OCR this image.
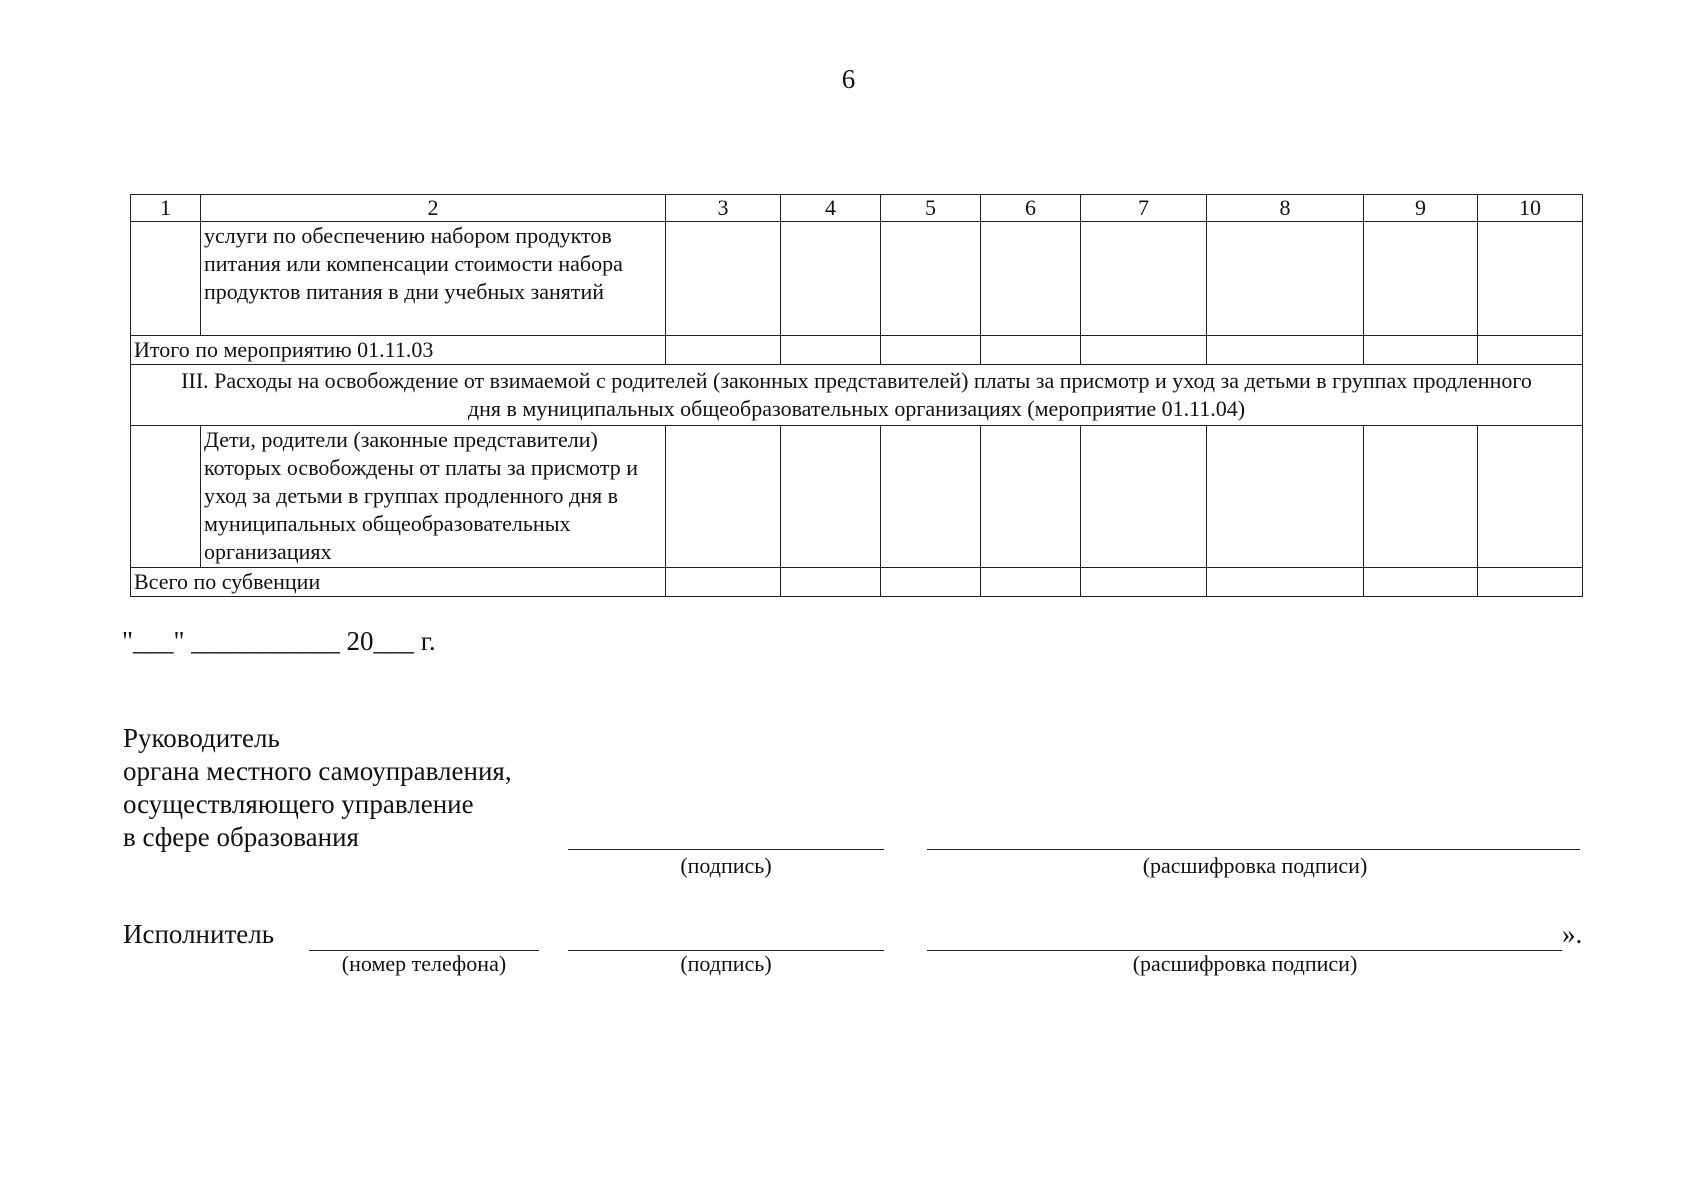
6
1	2	3	4	5	6	7	8	9	10
	услуги по обеспечению набором продуктов питания или компенсации стоимости набора продуктов питания в дни учебных занятий								
Итого по мероприятию 01.11.03									
III. Расходы на освобождение от взимаемой с родителей (законных представителей) платы за присмотр и уход за детьми в группах продленного дня в муниципальных общеобразовательных организациях (мероприятие 01.11.04)									
	Дети, родители (законные представители) которых освобождены от платы за присмотр и уход за детьми в группах продленного дня в муниципальных общеобразовательных организациях								
Всего по субвенции									
"___" ___________ 20___ г.
Руководитель
органа местного самоуправления,
осуществляющего управление
в сфере образования
(подпись)	(расшифровка подписи)
Исполнитель
(номер телефона)	(подпись)	(расшифровка подписи)
».
